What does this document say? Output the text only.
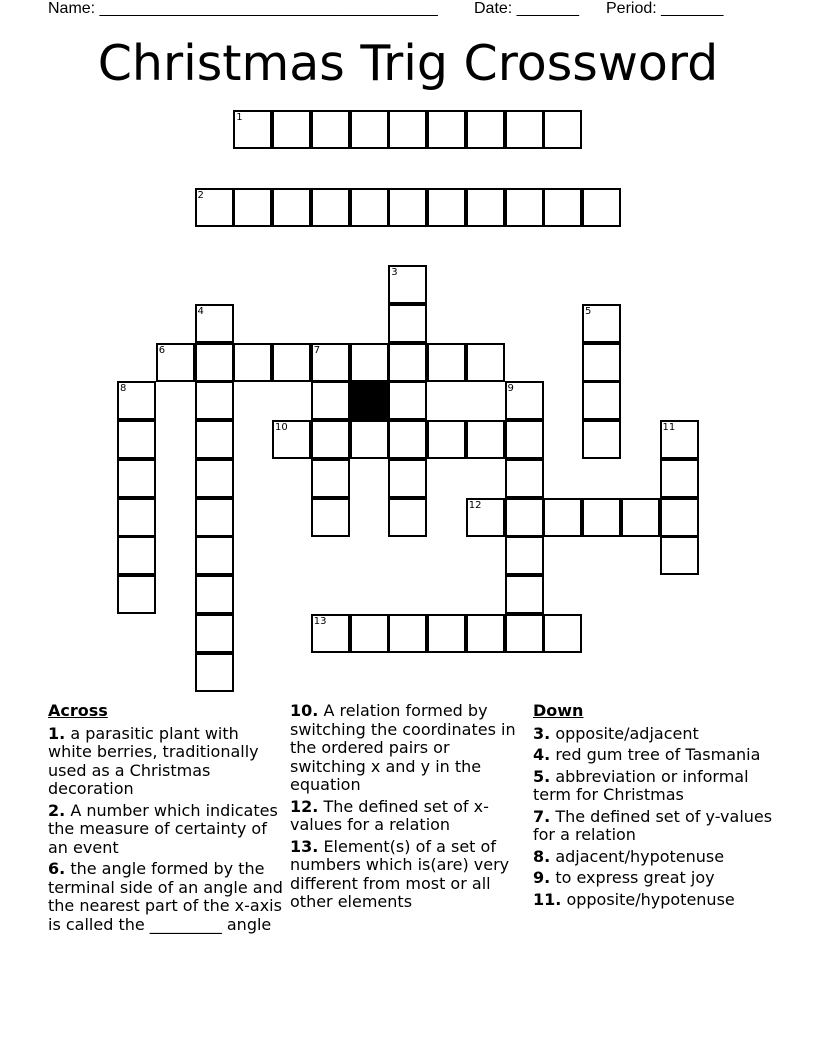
Name: ______________________________________ Date: _______ Period: _______
Christmas Trig Crossword
1
2
6	7
10
12
13
3
4	5
8	9
11
Across
1. a parasitic plant with white berries, traditionally used as a Christmas decoration
2. A number which indicates the measure of certainty of an event
6. the angle formed by the terminal side of an angle and the nearest part of the x-axis is called the _________ angle
10. A relation formed by switching the coordinates in the ordered pairs or switching x and y in the equation
12. The defined set of x-values for a relation
13. Element(s) of a set of numbers which is(are) very different from most or all other elements
Down
3. opposite/adjacent
4. red gum tree of Tasmania
5. abbreviation or informal term for Christmas
7. The defined set of y-values for a relation
8. adjacent/hypotenuse
9. to express great joy
11. opposite/hypotenuse
